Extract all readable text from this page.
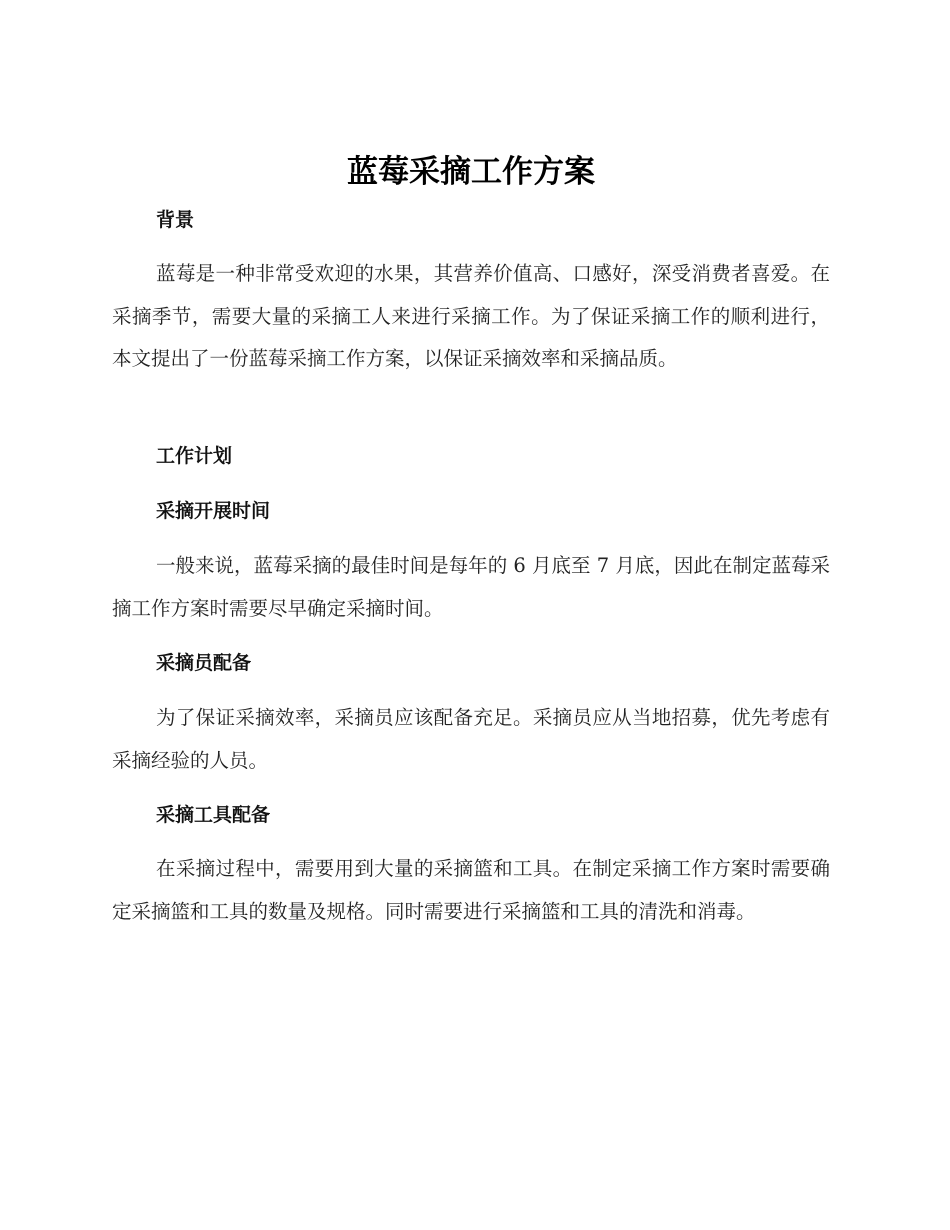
蓝莓采摘工作方案
背景

蓝莓是一种非常受欢迎的水果，其营养价值高、口感好，深受消费者喜爱。在采摘季节，需要大量的采摘工人来进行采摘工作。为了保证采摘工作的顺利进行，本文提出了一份蓝莓采摘工作方案，以保证采摘效率和采摘品质。

工作计划
采摘开展时间

一般来说，蓝莓采摘的最佳时间是每年的 6 月底至 7 月底，因此在制定蓝莓采摘工作方案时需要尽早确定采摘时间。

采摘员配备

为了保证采摘效率，采摘员应该配备充足。采摘员应从当地招募，优先考虑有采摘经验的人员。

采摘工具配备

在采摘过程中，需要用到大量的采摘篮和工具。在制定采摘工作方案时需要确定采摘篮和工具的数量及规格。同时需要进行采摘篮和工具的清洗和消毒。
